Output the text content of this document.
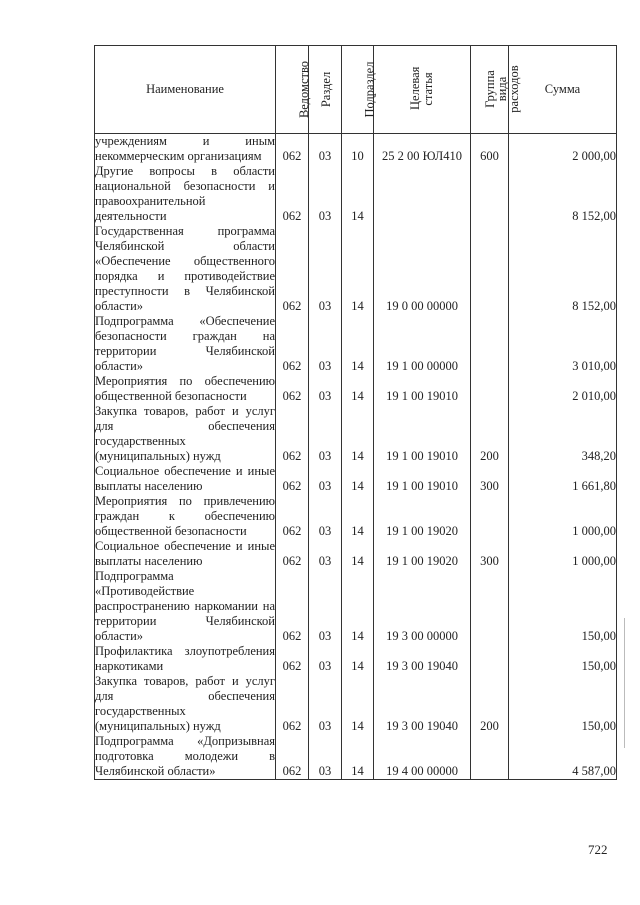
Наименование	Ведомство	Раздел	Подраздел	Целевая статья	Группа вида расходов	Сумма
учреждениям и иным некоммерческим организациям	062	03	10	25 2 00 ЮЛ410	600	2 000,00
Другие вопросы в области национальной безопасности и правоохранительной деятельности	062	03	14			8 152,00
Государственная программа Челябинской области «Обеспечение общественного порядка и противодействие преступности в Челябинской области»	062	03	14	19 0 00 00000		8 152,00
Подпрограмма «Обеспечение безопасности граждан на территории Челябинской области»	062	03	14	19 1 00 00000		3 010,00
Мероприятия по обеспечению общественной безопасности	062	03	14	19 1 00 19010		2 010,00
Закупка товаров, работ и услуг для обеспечения государственных (муниципальных) нужд	062	03	14	19 1 00 19010	200	348,20
Социальное обеспечение и иные выплаты населению	062	03	14	19 1 00 19010	300	1 661,80
Мероприятия по привлечению граждан к обеспечению общественной безопасности	062	03	14	19 1 00 19020		1 000,00
Социальное обеспечение и иные выплаты населению	062	03	14	19 1 00 19020	300	1 000,00
Подпрограмма «Противодействие распространению наркомании на территории Челябинской области»	062	03	14	19 3 00 00000		150,00
Профилактика злоупотребления наркотиками	062	03	14	19 3 00 19040		150,00
Закупка товаров, работ и услуг для обеспечения государственных (муниципальных) нужд	062	03	14	19 3 00 19040	200	150,00
Подпрограмма «Допризывная подготовка молодежи в Челябинской области»	062	03	14	19 4 00 00000		4 587,00
722
